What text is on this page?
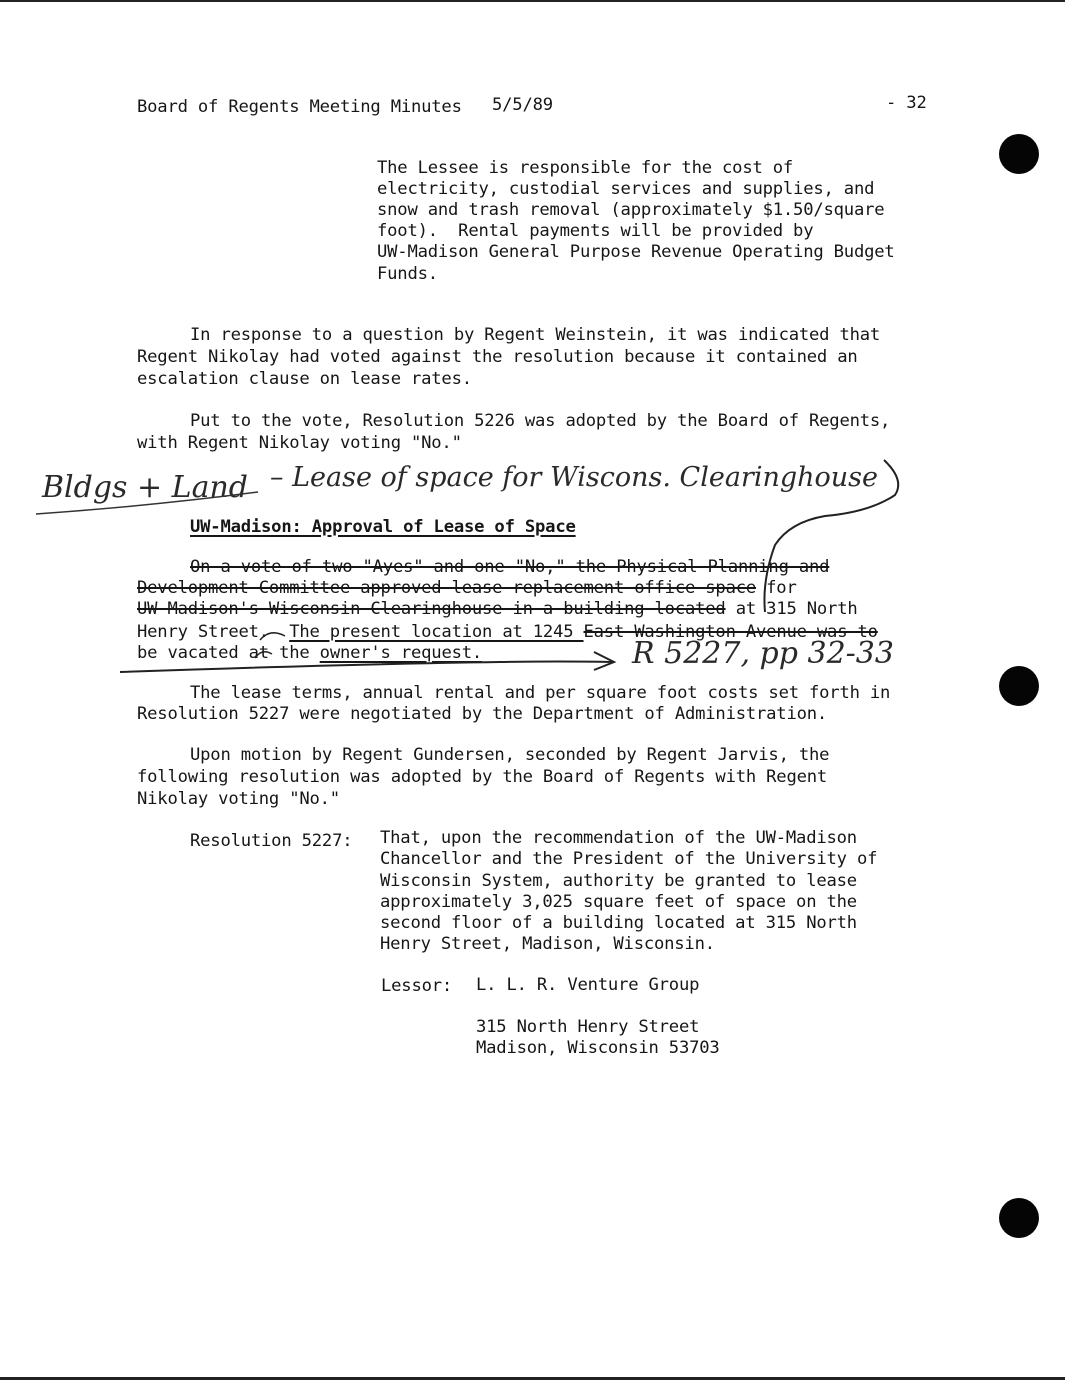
Board of Regents Meeting Minutes 5/5/89	- 32
The Lessee is responsible for the cost of
electricity, custodial services and supplies, and
snow and trash removal (approximately $1.50/square
foot).  Rental payments will be provided by
UW-Madison General Purpose Revenue Operating Budget
Funds.
In response to a question by Regent Weinstein, it was indicated that
Regent Nikolay had voted against the resolution because it contained an
escalation clause on lease rates.
Put to the vote, Resolution 5226 was adopted by the Board of Regents,
with Regent Nikolay voting "No."
Bldgs + Land – Lease of space for Wiscons. Clearinghouse
UW-Madison: Approval of Lease of Space
On a vote of two "Ayes" and one "No," the Physical Planning and
Development Committee approved lease replacement office space for
UW-Madison's Wisconsin Clearinghouse in a building located at 315 North
Henry Street.  The present location at 1245 East Washington Avenue was to
be vacated at the owner's request.	R 5227, pp 32-33
The lease terms, annual rental and per square foot costs set forth in
Resolution 5227 were negotiated by the Department of Administration.
Upon motion by Regent Gundersen, seconded by Regent Jarvis, the
following resolution was adopted by the Board of Regents with Regent
Nikolay voting "No."
Resolution 5227: That, upon the recommendation of the UW-Madison
Chancellor and the President of the University of
Wisconsin System, authority be granted to lease
approximately 3,025 square feet of space on the
second floor of a building located at 315 North
Henry Street, Madison, Wisconsin.
Lessor: L. L. R. Venture Group
315 North Henry Street
Madison, Wisconsin 53703
